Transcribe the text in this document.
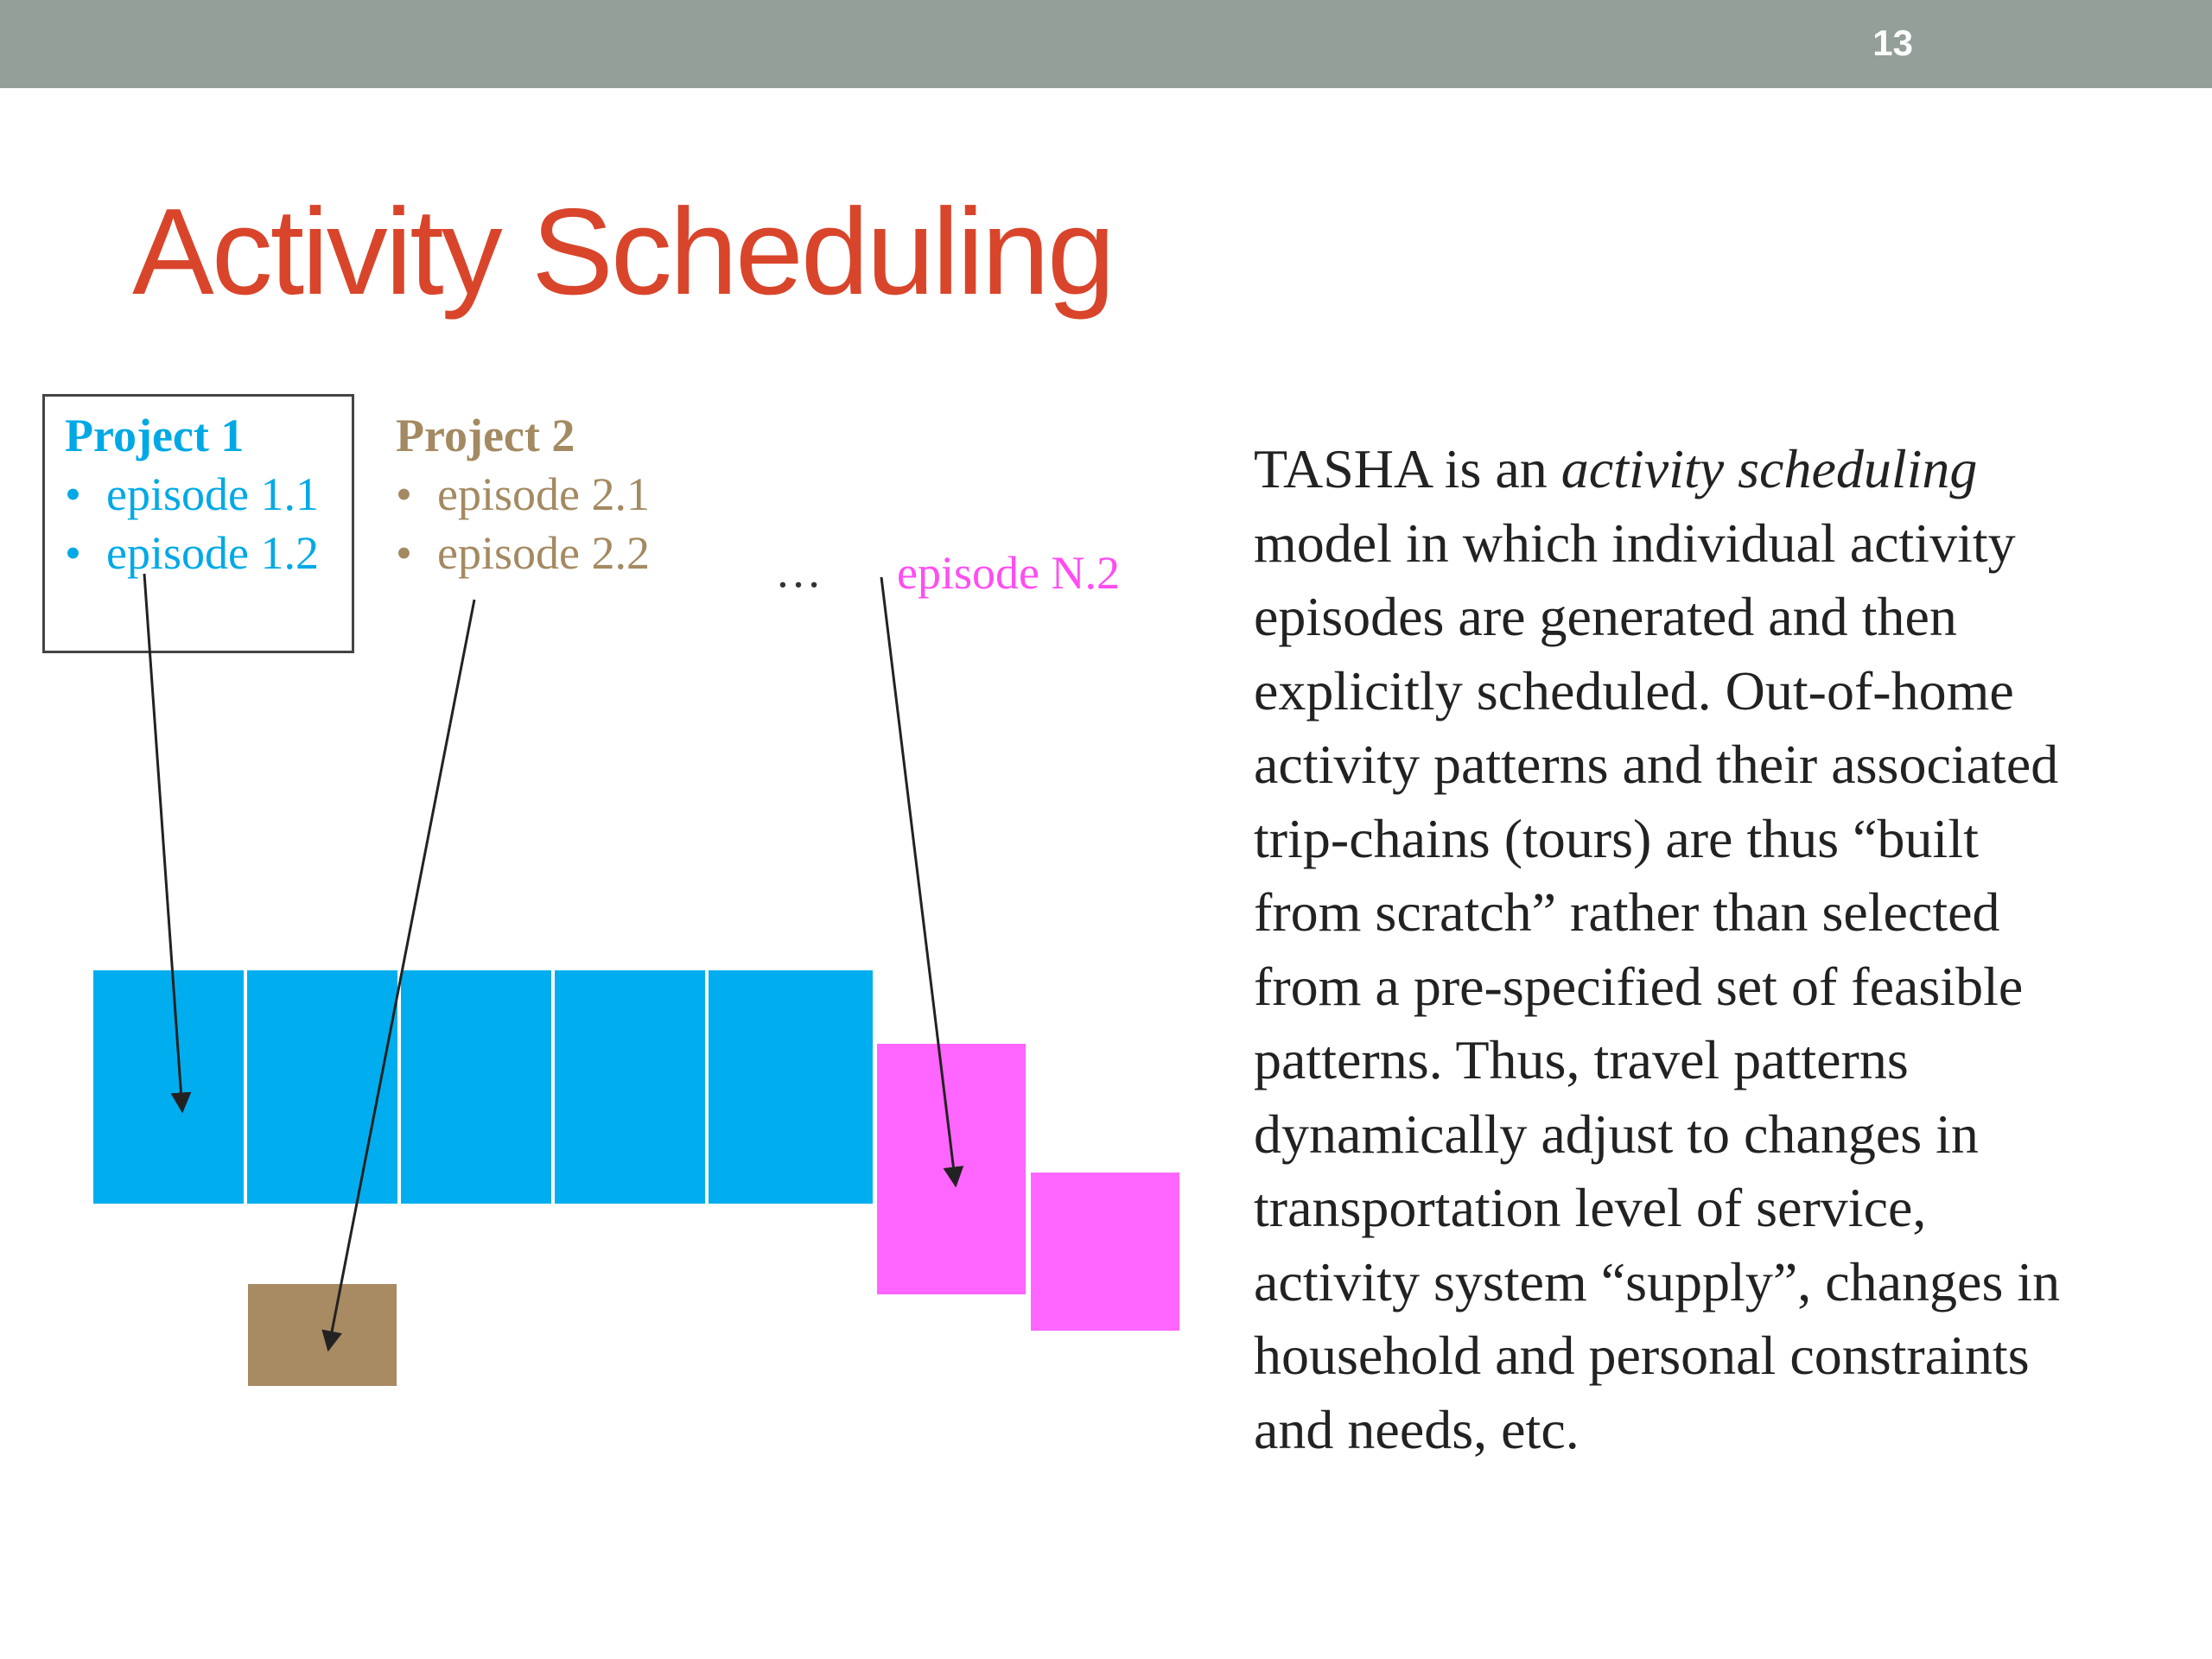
13
Activity Scheduling
Project 1
• episode 1.1
• episode 1.2
Project 2
• episode 2.1
• episode 2.2	… episode N.2
TASHA is an activity scheduling
model in which individual activity
episodes are generated and then
explicitly scheduled. Out-of-home
activity patterns and their associated
trip-chains (tours) are thus “built
from scratch” rather than selected
from a pre-specified set of feasible
patterns. Thus, travel patterns
dynamically adjust to changes in
transportation level of service,
activity system “supply”, changes in
household and personal constraints
and needs, etc.
